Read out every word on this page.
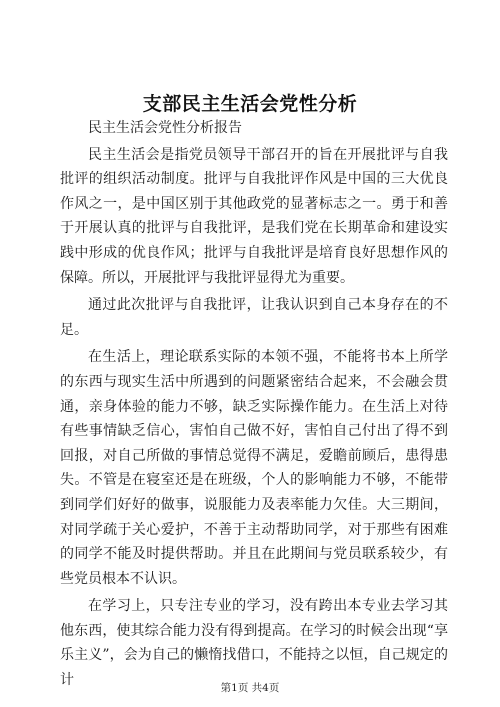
支部民主生活会党性分析

民主生活会党性分析报告

民主生活会是指党员领导干部召开的旨在开展批评与自我批评的组织活动制度。批评与自我批评作风是中国的三大优良作风之一，是中国区别于其他政党的显著标志之一。勇于和善于开展认真的批评与自我批评，是我们党在长期革命和建设实践中形成的优良作风；批评与自我批评是培育良好思想作风的保障。所以，开展批评与我批评显得尤为重要。

通过此次批评与自我批评，让我认识到自己本身存在的不足。

在生活上，理论联系实际的本领不强，不能将书本上所学的东西与现实生活中所遇到的问题紧密结合起来，不会融会贯通，亲身体验的能力不够，缺乏实际操作能力。在生活上对待有些事情缺乏信心，害怕自己做不好，害怕自己付出了得不到回报，对自己所做的事情总觉得不满足，爱瞻前顾后，患得患失。不管是在寝室还是在班级，个人的影响能力不够，不能带到同学们好好的做事，说服能力及表率能力欠佳。大三期间，对同学疏于关心爱护，不善于主动帮助同学，对于那些有困难的同学不能及时提供帮助。并且在此期间与党员联系较少，有些党员根本不认识。

在学习上，只专注专业的学习，没有跨出本专业去学习其他东西，使其综合能力没有得到提高。在学习的时候会出现“享乐主义”，会为自己的懒惰找借口，不能持之以恒，自己规定的计	第1页 共4页
